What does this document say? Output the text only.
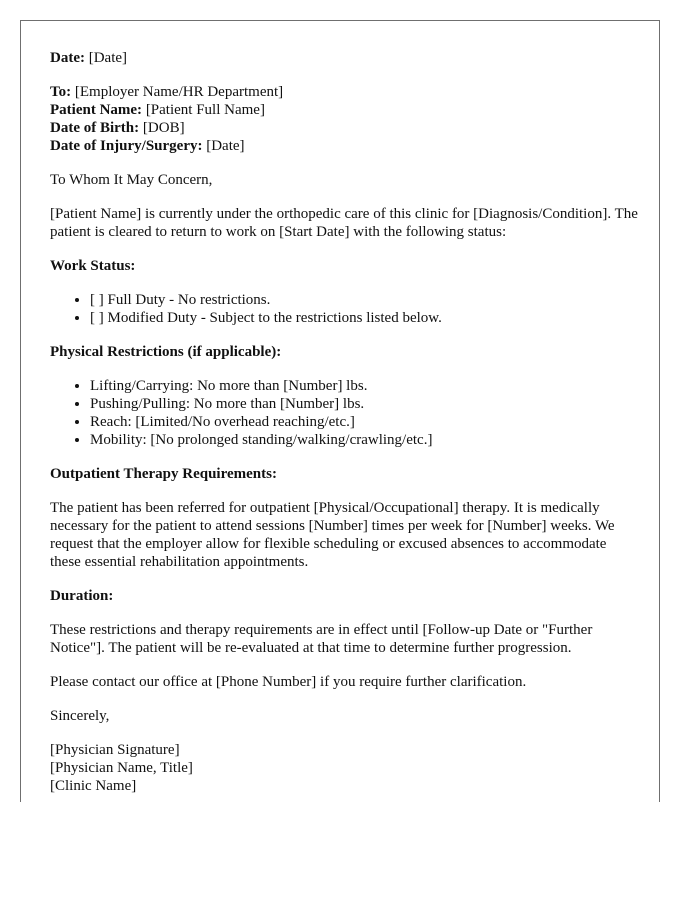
Date: [Date]

To: [Employer Name/HR Department]

Patient Name: [Patient Full Name]

Date of Birth: [DOB]

Date of Injury/Surgery: [Date]

To Whom It May Concern,

[Patient Name] is currently under the orthopedic care of this clinic for [Diagnosis/Condition]. The patient is cleared to return to work on [Start Date] with the following status:

Work Status:
• [ ] Full Duty - No restrictions.
• [ ] Modified Duty - Subject to the restrictions listed below.
Physical Restrictions (if applicable):
• Lifting/Carrying: No more than [Number] lbs.
• Pushing/Pulling: No more than [Number] lbs.
• Reach: [Limited/No overhead reaching/etc.]
• Mobility: [No prolonged standing/walking/crawling/etc.]
Outpatient Therapy Requirements:

The patient has been referred for outpatient [Physical/Occupational] therapy. It is medically necessary for the patient to attend sessions [Number] times per week for [Number] weeks. We request that the employer allow for flexible scheduling or excused absences to accommodate these essential rehabilitation appointments.

Duration:

These restrictions and therapy requirements are in effect until [Follow-up Date or "Further Notice"]. The patient will be re-evaluated at that time to determine further progression.

Please contact our office at [Phone Number] if you require further clarification.

Sincerely,

[Physician Signature]

[Physician Name, Title]

[Clinic Name]
